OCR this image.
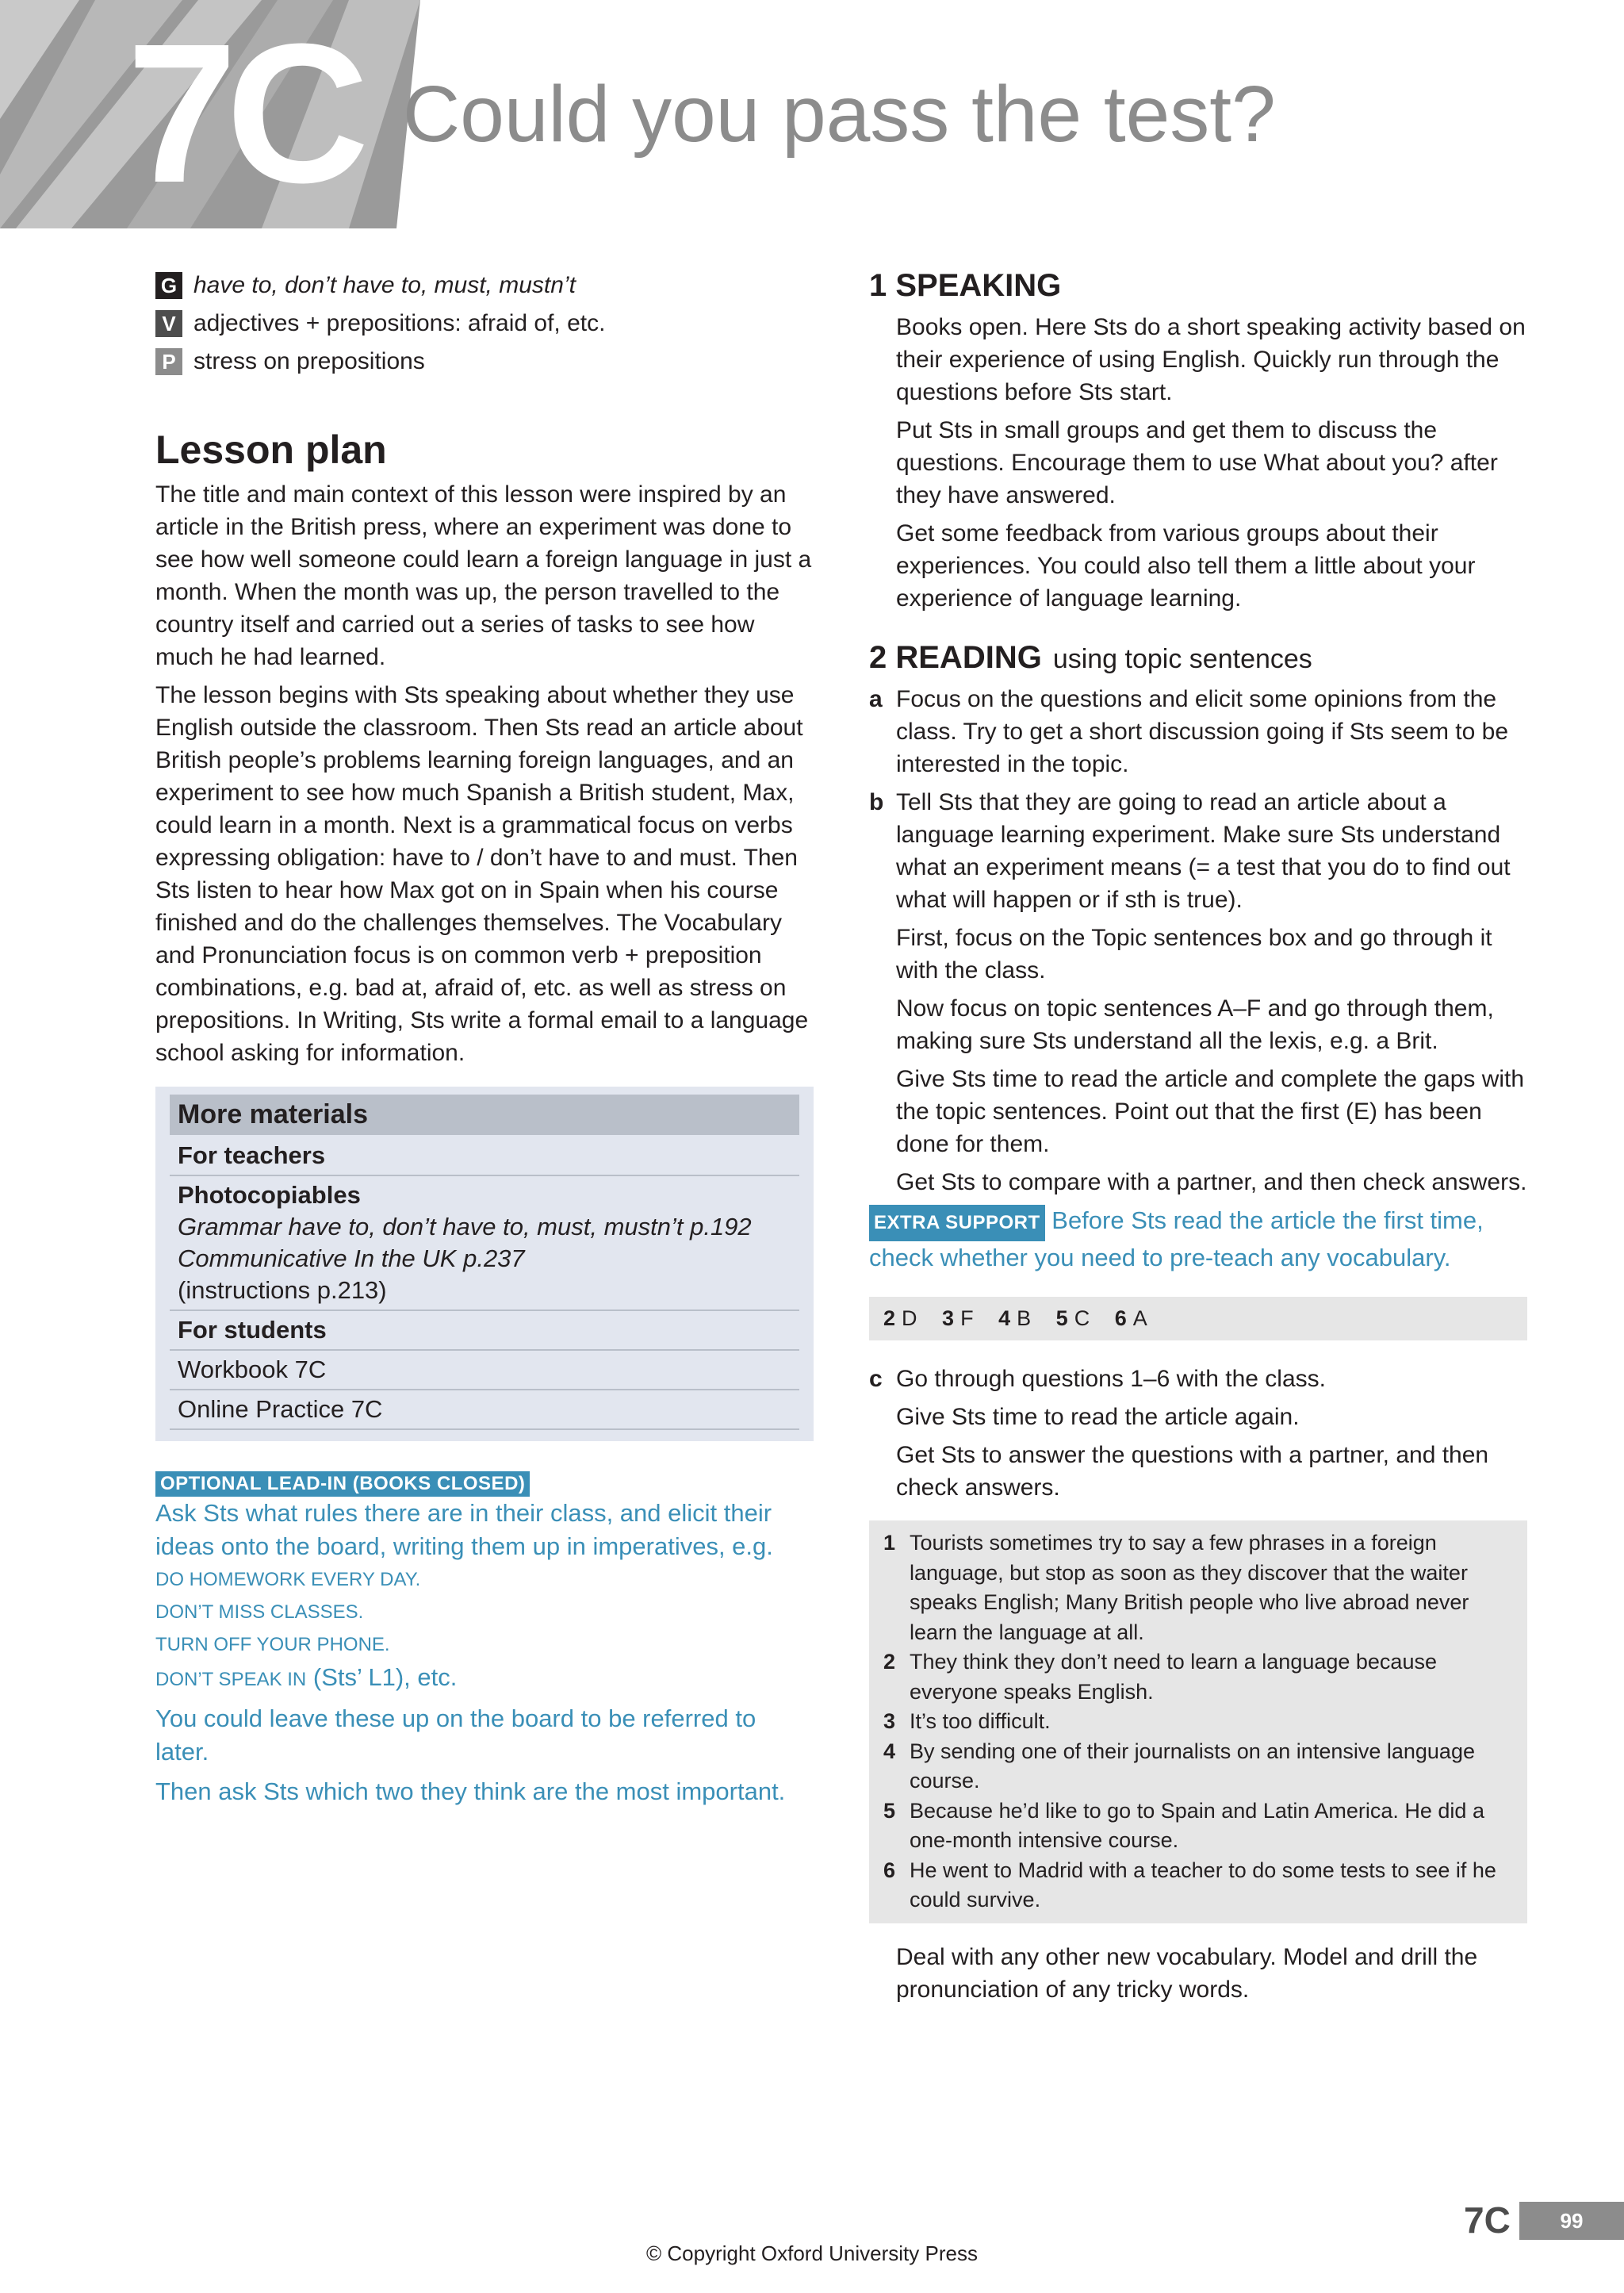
7C Could you pass the test?
G have to, don’t have to, must, mustn’t
V adjectives + prepositions: afraid of, etc.
P stress on prepositions
Lesson plan

The title and main context of this lesson were inspired by an article in the British press, where an experiment was done to see how well someone could learn a foreign language in just a month. When the month was up, the person travelled to the country itself and carried out a series of tasks to see how much he had learned.

The lesson begins with Sts speaking about whether they use English outside the classroom. Then Sts read an article about British people’s problems learning foreign languages, and an experiment to see how much Spanish a British student, Max, could learn in a month. Next is a grammatical focus on verbs expressing obligation: have to / don’t have to and must. Then Sts listen to hear how Max got on in Spain when his course finished and do the challenges themselves. The Vocabulary and Pronunciation focus is on common verb + preposition combinations, e.g. bad at, afraid of, etc. as well as stress on prepositions. In Writing, Sts write a formal email to a language school asking for information.

More materials
For teachers
Photocopiables
Grammar have to, don’t have to, must, mustn’t p.192
Communicative In the UK p.237
(instructions p.213)
For students
Workbook 7C
Online Practice 7C
OPTIONAL LEAD-IN (BOOKS CLOSED)
Ask Sts what rules there are in their class, and elicit their ideas onto the board, writing them up in imperatives, e.g.
DO HOMEWORK EVERY DAY.
DON’T MISS CLASSES.
TURN OFF YOUR PHONE.
DON’T SPEAK IN (Sts’ L1), etc.
You could leave these up on the board to be referred to later.
Then ask Sts which two they think are the most important.
1 SPEAKING

Books open. Here Sts do a short speaking activity based on their experience of using English. Quickly run through the questions before Sts start.

Put Sts in small groups and get them to discuss the questions. Encourage them to use What about you? after they have answered.

Get some feedback from various groups about their experiences. You could also tell them a little about your experience of language learning.

2 READING using topic sentences
a Focus on the questions and elicit some opinions from the class. Try to get a short discussion going if Sts seem to be interested in the topic.

b Tell Sts that they are going to read an article about a language learning experiment. Make sure Sts understand what an experiment means (= a test that you do to find out what will happen or if sth is true).

First, focus on the Topic sentences box and go through it with the class.

Now focus on topic sentences A–F and go through them, making sure Sts understand all the lexis, e.g. a Brit.

Give Sts time to read the article and complete the gaps with the topic sentences. Point out that the first (E) has been done for them.

Get Sts to compare with a partner, and then check answers.

EXTRA SUPPORT Before Sts read the article the first time, check whether you need to pre-teach any vocabulary.
2 D 3 F 4 B 5 C 6 A
c Go through questions 1–6 with the class.

Give Sts time to read the article again.

Get Sts to answer the questions with a partner, and then check answers.

1 Tourists sometimes try to say a few phrases in a foreign language, but stop as soon as they discover that the waiter speaks English; Many British people who live abroad never learn the language at all.
2 They think they don’t need to learn a language because everyone speaks English.
3 It’s too difficult.
4 By sending one of their journalists on an intensive language course.
5 Because he’d like to go to Spain and Latin America. He did a one-month intensive course.
6 He went to Madrid with a teacher to do some tests to see if he could survive.
Deal with any other new vocabulary. Model and drill the pronunciation of any tricky words.
7C	99
© Copyright Oxford University Press
